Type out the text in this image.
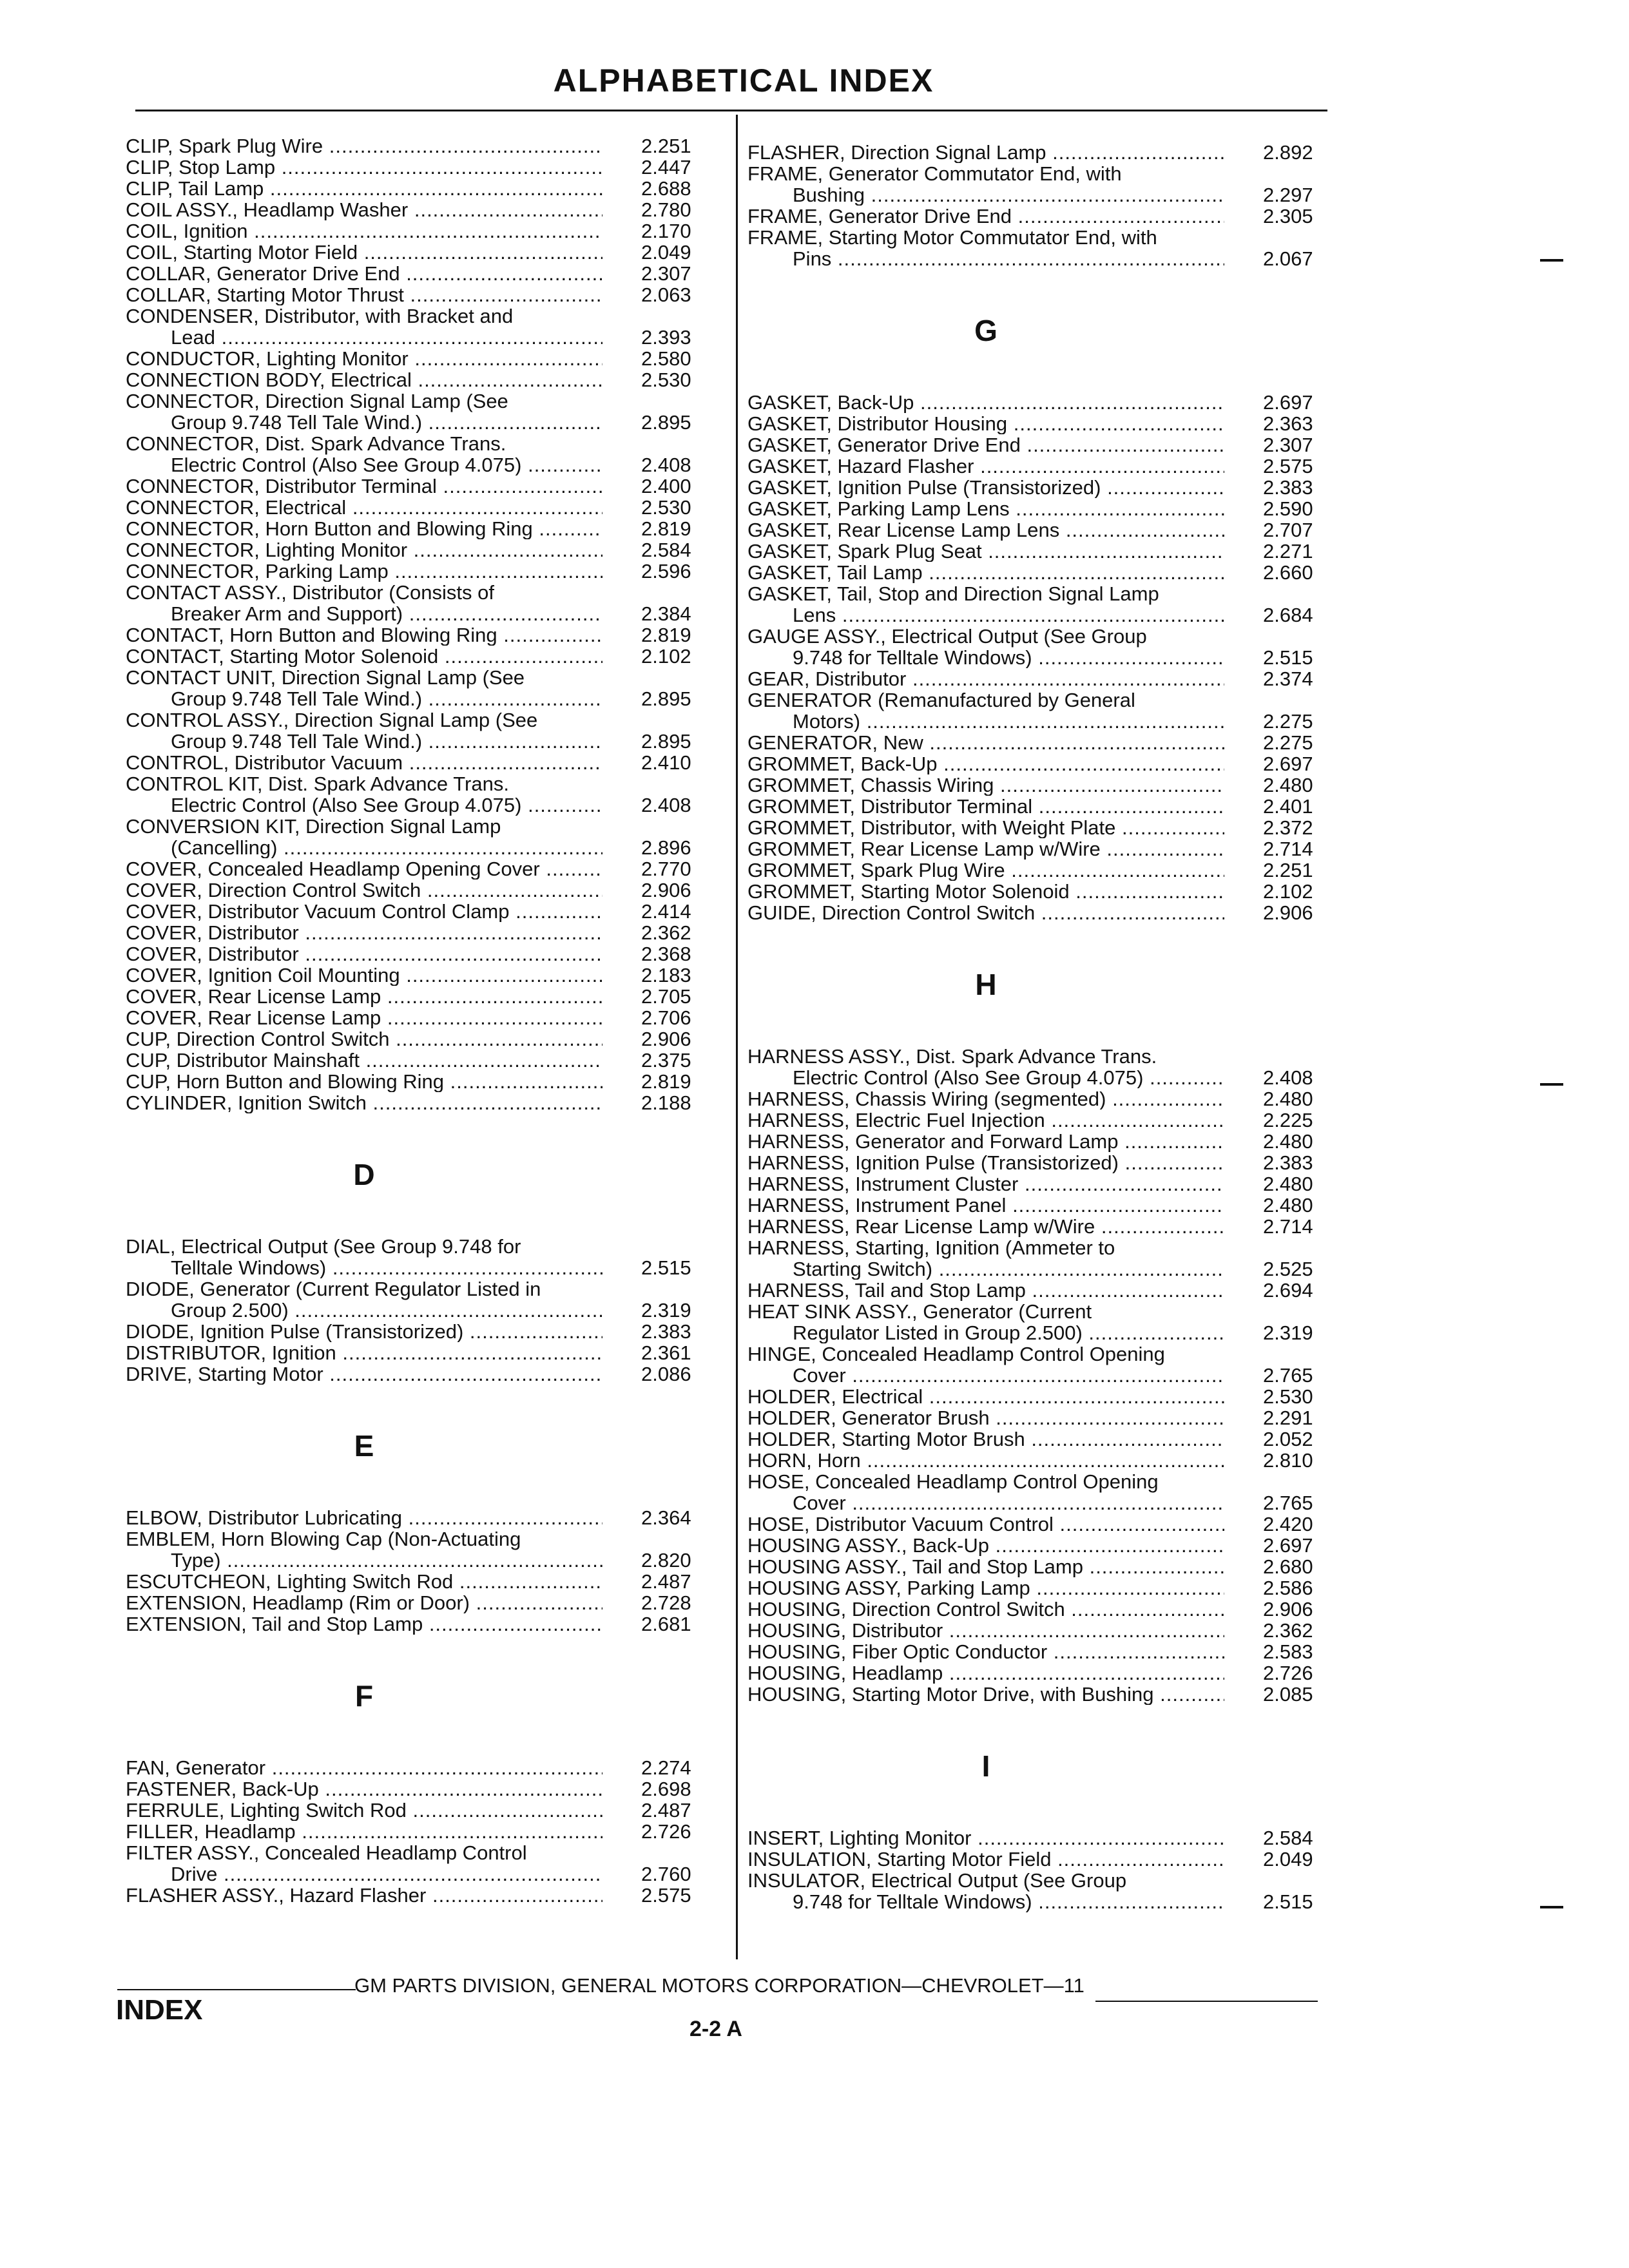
ALPHABETICAL INDEX
CLIP, Spark Plug Wire .....	2.251
CLIP, Stop Lamp .....	2.447
CLIP, Tail Lamp .....	2.688
COIL ASSY., Headlamp Washer .....	2.780
COIL, Ignition .....	2.170
COIL, Starting Motor Field .....	2.049
COLLAR, Generator Drive End .....	2.307
COLLAR, Starting Motor Thrust .....	2.063
CONDENSER, Distributor, with Bracket and
Lead .....	2.393
CONDUCTOR, Lighting Monitor .....	2.580
CONNECTION BODY, Electrical .....	2.530
CONNECTOR, Direction Signal Lamp (See
Group 9.748 Tell Tale Wind.) .....	2.895
CONNECTOR, Dist. Spark Advance Trans.
Electric Control (Also See Group 4.075) .....	2.408
CONNECTOR, Distributor Terminal .....	2.400
CONNECTOR, Electrical .....	2.530
CONNECTOR, Horn Button and Blowing Ring .....	2.819
CONNECTOR, Lighting Monitor .....	2.584
CONNECTOR, Parking Lamp .....	2.596
CONTACT ASSY., Distributor (Consists of
Breaker Arm and Support) .....	2.384
CONTACT, Horn Button and Blowing Ring .....	2.819
CONTACT, Starting Motor Solenoid .....	2.102
CONTACT UNIT, Direction Signal Lamp (See
Group 9.748 Tell Tale Wind.) .....	2.895
CONTROL ASSY., Direction Signal Lamp (See
Group 9.748 Tell Tale Wind.) .....	2.895
CONTROL, Distributor Vacuum .....	2.410
CONTROL KIT, Dist. Spark Advance Trans.
Electric Control (Also See Group 4.075) .....	2.408
CONVERSION KIT, Direction Signal Lamp
(Cancelling) .....	2.896
COVER, Concealed Headlamp Opening Cover .....	2.770
COVER, Direction Control Switch .....	2.906
COVER, Distributor Vacuum Control Clamp .....	2.414
COVER, Distributor .....	2.362
COVER, Distributor .....	2.368
COVER, Ignition Coil Mounting .....	2.183
COVER, Rear License Lamp .....	2.705
COVER, Rear License Lamp .....	2.706
CUP, Direction Control Switch .....	2.906
CUP, Distributor Mainshaft .....	2.375
CUP, Horn Button and Blowing Ring .....	2.819
CYLINDER, Ignition Switch .....	2.188
D
DIAL, Electrical Output (See Group 9.748 for
Telltale Windows) .....	2.515
DIODE, Generator (Current Regulator Listed in
Group 2.500) .....	2.319
DIODE, Ignition Pulse (Transistorized) .....	2.383
DISTRIBUTOR, Ignition .....	2.361
DRIVE, Starting Motor .....	2.086
E
ELBOW, Distributor Lubricating .....	2.364
EMBLEM, Horn Blowing Cap (Non-Actuating
Type) .....	2.820
ESCUTCHEON, Lighting Switch Rod .....	2.487
EXTENSION, Headlamp (Rim or Door) .....	2.728
EXTENSION, Tail and Stop Lamp .....	2.681
F
FAN, Generator .....	2.274
FASTENER, Back-Up .....	2.698
FERRULE, Lighting Switch Rod .....	2.487
FILLER, Headlamp .....	2.726
FILTER ASSY., Concealed Headlamp Control
Drive .....	2.760
FLASHER ASSY., Hazard Flasher .....	2.575
FLASHER, Direction Signal Lamp .....	2.892
FRAME, Generator Commutator End, with
Bushing .....	2.297
FRAME, Generator Drive End .....	2.305
FRAME, Starting Motor Commutator End, with
Pins .....	2.067
G
GASKET, Back-Up .....	2.697
GASKET, Distributor Housing .....	2.363
GASKET, Generator Drive End .....	2.307
GASKET, Hazard Flasher .....	2.575
GASKET, Ignition Pulse (Transistorized) .....	2.383
GASKET, Parking Lamp Lens .....	2.590
GASKET, Rear License Lamp Lens .....	2.707
GASKET, Spark Plug Seat .....	2.271
GASKET, Tail Lamp .....	2.660
GASKET, Tail, Stop and Direction Signal Lamp
Lens .....	2.684
GAUGE ASSY., Electrical Output (See Group
9.748 for Telltale Windows) .....	2.515
GEAR, Distributor .....	2.374
GENERATOR (Remanufactured by General
Motors) .....	2.275
GENERATOR, New .....	2.275
GROMMET, Back-Up .....	2.697
GROMMET, Chassis Wiring .....	2.480
GROMMET, Distributor Terminal .....	2.401
GROMMET, Distributor, with Weight Plate .....	2.372
GROMMET, Rear License Lamp w/Wire .....	2.714
GROMMET, Spark Plug Wire .....	2.251
GROMMET, Starting Motor Solenoid .....	2.102
GUIDE, Direction Control Switch .....	2.906
H
HARNESS ASSY., Dist. Spark Advance Trans.
Electric Control (Also See Group 4.075) .....	2.408
HARNESS, Chassis Wiring (segmented) .....	2.480
HARNESS, Electric Fuel Injection .....	2.225
HARNESS, Generator and Forward Lamp .....	2.480
HARNESS, Ignition Pulse (Transistorized) .....	2.383
HARNESS, Instrument Cluster .....	2.480
HARNESS, Instrument Panel .....	2.480
HARNESS, Rear License Lamp w/Wire .....	2.714
HARNESS, Starting, Ignition (Ammeter to
Starting Switch) .....	2.525
HARNESS, Tail and Stop Lamp .....	2.694
HEAT SINK ASSY., Generator (Current
Regulator Listed in Group 2.500) .....	2.319
HINGE, Concealed Headlamp Control Opening
Cover .....	2.765
HOLDER, Electrical .....	2.530
HOLDER, Generator Brush .....	2.291
HOLDER, Starting Motor Brush .....	2.052
HORN, Horn .....	2.810
HOSE, Concealed Headlamp Control Opening
Cover .....	2.765
HOSE, Distributor Vacuum Control .....	2.420
HOUSING ASSY., Back-Up .....	2.697
HOUSING ASSY., Tail and Stop Lamp .....	2.680
HOUSING ASSY, Parking Lamp .....	2.586
HOUSING, Direction Control Switch .....	2.906
HOUSING, Distributor .....	2.362
HOUSING, Fiber Optic Conductor .....	2.583
HOUSING, Headlamp .....	2.726
HOUSING, Starting Motor Drive, with Bushing .....	2.085
I
INSERT, Lighting Monitor .....	2.584
INSULATION, Starting Motor Field .....	2.049
INSULATOR, Electrical Output (See Group
9.748 for Telltale Windows) .....	2.515
GM PARTS DIVISION, GENERAL MOTORS CORPORATION—CHEVROLET—11
INDEX
2-2 A
